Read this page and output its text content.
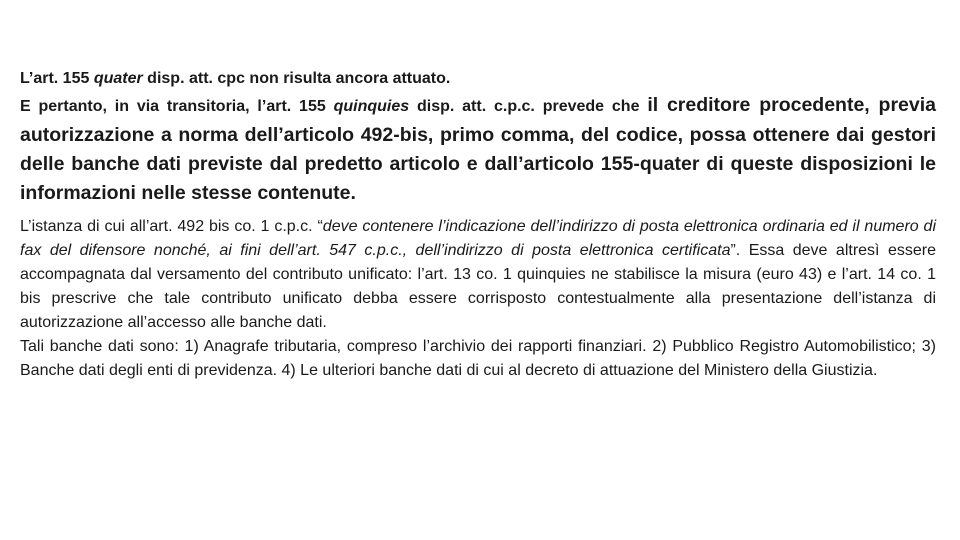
L’art. 155 quater disp. att. cpc non risulta ancora attuato.

E pertanto, in via transitoria, l’art. 155 quinquies disp. att. c.p.c. prevede che il creditore procedente, previa autorizzazione a norma dell’articolo 492-bis, primo comma, del codice, possa ottenere dai gestori delle banche dati previste dal predetto articolo e dall’articolo 155-quater di queste disposizioni le informazioni nelle stesse contenute.

L’istanza di cui all’art. 492 bis co. 1 c.p.c. “deve contenere l’indicazione dell’indirizzo di posta elettronica ordinaria ed il numero di fax del difensore nonché, ai fini dell’art. 547 c.p.c., dell’indirizzo di posta elettronica certificata”. Essa deve altresì essere accompagnata dal versamento del contributo unificato: l’art. 13 co. 1 quinquies ne stabilisce la misura (euro 43) e l’art. 14 co. 1 bis prescrive che tale contributo unificato debba essere corrisposto contestualmente alla presentazione dell’istanza di autorizzazione all’accesso alle banche dati.

Tali banche dati sono: 1) Anagrafe tributaria, compreso l’archivio dei rapporti finanziari. 2) Pubblico Registro Automobilistico; 3) Banche dati degli enti di previdenza. 4) Le ulteriori banche dati di cui al decreto di attuazione del Ministero della Giustizia.
